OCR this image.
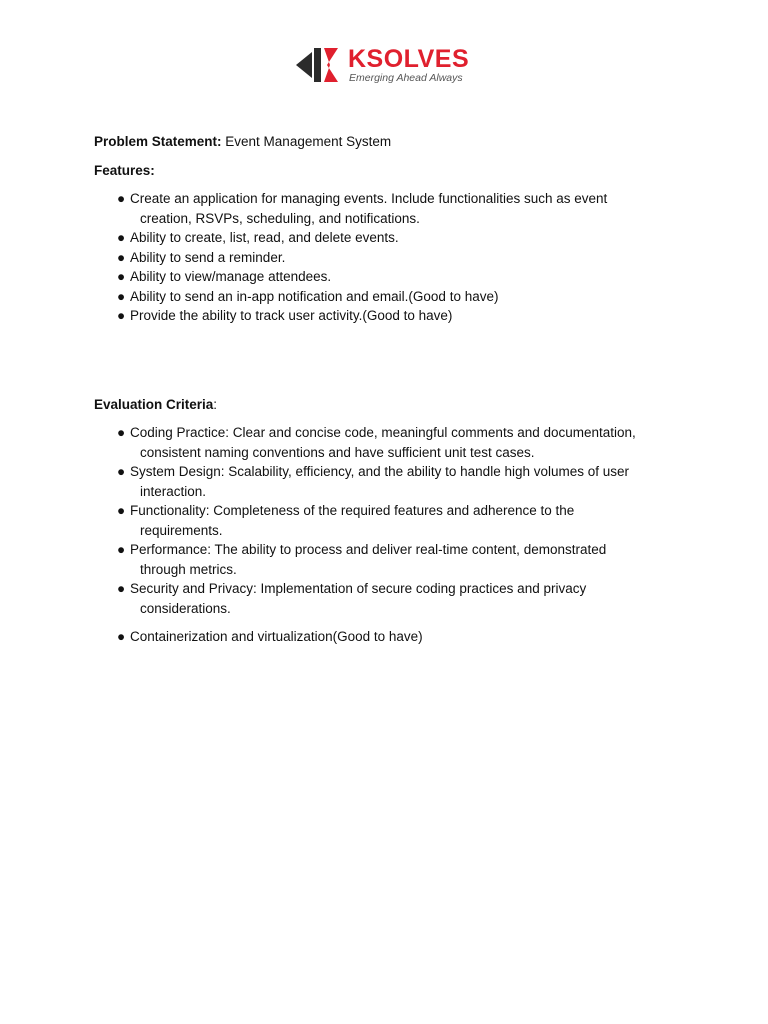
KSOLVES
Emerging Ahead Always
Problem Statement: Event Management System
Features:
● Create an application for managing events. Include functionalities such as event
creation, RSVPs, scheduling, and notifications.
● Ability to create, list, read, and delete events.
● Ability to send a reminder.
● Ability to view/manage attendees.
● Ability to send an in-app notification and email.(Good to have)
● Provide the ability to track user activity.(Good to have)
Evaluation Criteria:
● Coding Practice: Clear and concise code, meaningful comments and documentation,
consistent naming conventions and have sufficient unit test cases.
● System Design: Scalability, efficiency, and the ability to handle high volumes of user
interaction.
● Functionality: Completeness of the required features and adherence to the
requirements.
● Performance: The ability to process and deliver real-time content, demonstrated
through metrics.
● Security and Privacy: Implementation of secure coding practices and privacy
considerations.
● Containerization and virtualization(Good to have)
